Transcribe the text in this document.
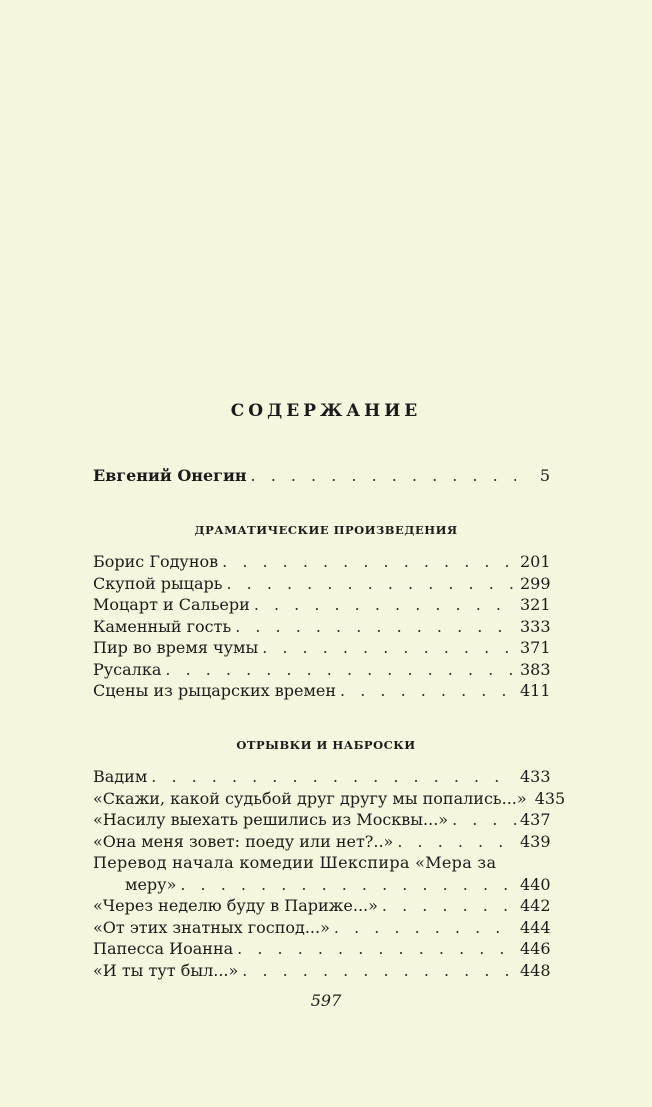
СОДЕРЖАНИЕ
Евгений Онегин . . .	5
ДРАМАТИЧЕСКИЕ ПРОИЗВЕДЕНИЯ
Борис Годунов . . .	201
Скупой рыцарь . . .	299
Моцарт и Сальери . . .	321
Каменный гость . . .	333
Пир во время чумы . . .	371
Русалка . . .	383
Сцены из рыцарских времен . . .	411
ОТРЫВКИ И НАБРОСКИ
Вадим . . .	433
«Скажи, какой судьбой друг другу мы попались...» 435
«Насилу выехать решились из Москвы...» . . .	437
«Она меня зовет: поеду или нет?..» . . .	439
Перевод начала комедии Шекспира «Мера за
меру» . . .	440
«Через неделю буду в Париже...» . . .	442
«От этих знатных господ...» . . .	444
Папесса Иоанна . . .	446
«И ты тут был...» . . .	448
597
